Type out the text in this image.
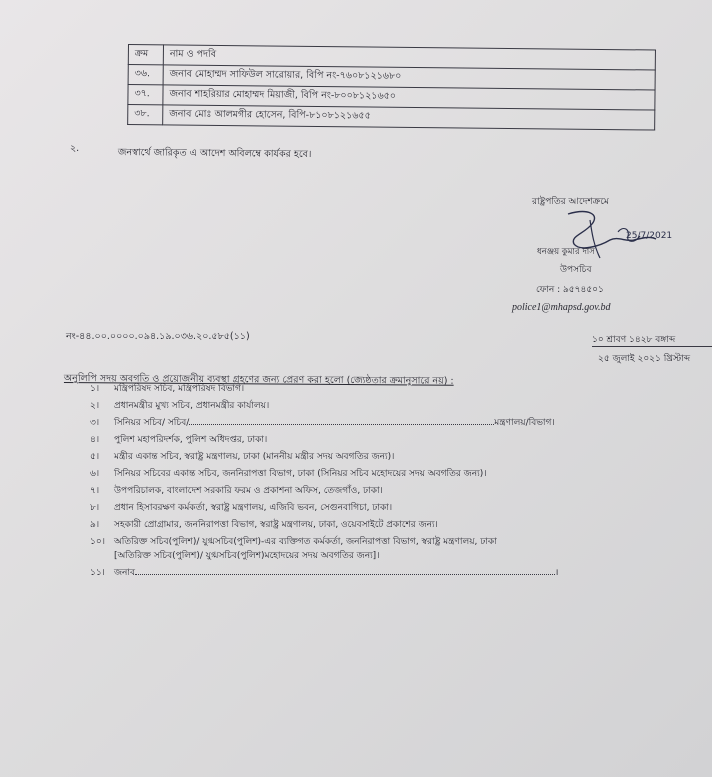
ক্রম	নাম ও পদবি
৩৬.	জনাব মোহাম্মদ সাফিউল সারোয়ার, বিপি নং-৭৬০৮১২১৬৮০
৩৭.	জনাব শাহরিয়ার মোহাম্মদ মিয়াজী, বিপি নং-৮০০৮১২১৬৫০
৩৮.	জনাব মোঃ আলমগীর হোসেন, বিপি-৮১০৮১২১৬৫৫
২.	জনস্বার্থে জারিকৃত এ আদেশ অবিলম্বে কার্যকর হবে।
রাষ্ট্রপতির আদেশক্রমে
25/7/2021
ধনঞ্জয় কুমার দাস
উপসচিব
ফোন : ৯৫৭৪৫০১
police1@mhapsd.gov.bd
নং-৪৪.০০.০০০০.০৯৪.১৯.০৩৬.২০.৫৮৫(১১)	১০ শ্রাবণ ১৪২৮ বঙ্গাব্দ
২৫ জুলাই ২০২১ খ্রিস্টাব্দ
অনুলিপি সদয় অবগতি ও প্রয়োজনীয় ব্যবস্থা গ্রহণের জন্য প্রেরণ করা হলো (জ্যেষ্ঠতার ক্রমানুসারে নয়) :
১। মন্ত্রিপরিষদ সচিব, মন্ত্রিপরিষদ বিভাগ।
২। প্রধানমন্ত্রীর মুখ্য সচিব, প্রধানমন্ত্রীর কার্যালয়।
৩। সিনিয়র সচিব/ সচিব/	মন্ত্রণালয়/বিভাগ।
৪। পুলিশ মহাপরিদর্শক, পুলিশ অধিদপ্তর, ঢাকা।
৫। মন্ত্রীর একান্ত সচিব, স্বরাষ্ট্র মন্ত্রণালয়, ঢাকা (মাননীয় মন্ত্রীর সদয় অবগতির জন্য)।
৬। সিনিয়র সচিবের একান্ত সচিব, জননিরাপত্তা বিভাগ, ঢাকা (সিনিয়র সচিব মহোদয়ের সদয় অবগতির জন্য)।
৭। উপপরিচালক, বাংলাদেশ সরকারি ফরম ও প্রকাশনা অফিস, তেজগাঁও, ঢাকা।
৮। প্রধান হিসাবরক্ষণ কর্মকর্তা, স্বরাষ্ট্র মন্ত্রণালয়, এজিবি ভবন, সেগুনবাগিচা, ঢাকা।
৯। সহকারী প্রোগ্রামার, জননিরাপত্তা বিভাগ, স্বরাষ্ট্র মন্ত্রণালয়, ঢাকা, ওয়েবসাইটে প্রকাশের জন্য।
১০। অতিরিক্ত সচিব(পুলিশ)/ যুগ্মসচিব(পুলিশ)-এর ব্যক্তিগত কর্মকর্তা, জননিরাপত্তা বিভাগ, স্বরাষ্ট্র মন্ত্রণালয়, ঢাকা
[অতিরিক্ত সচিব(পুলিশ)/ যুগ্মসচিব(পুলিশ)মহোদয়ের সদয় অবগতির জন্য]।
১১। জনাব	।
